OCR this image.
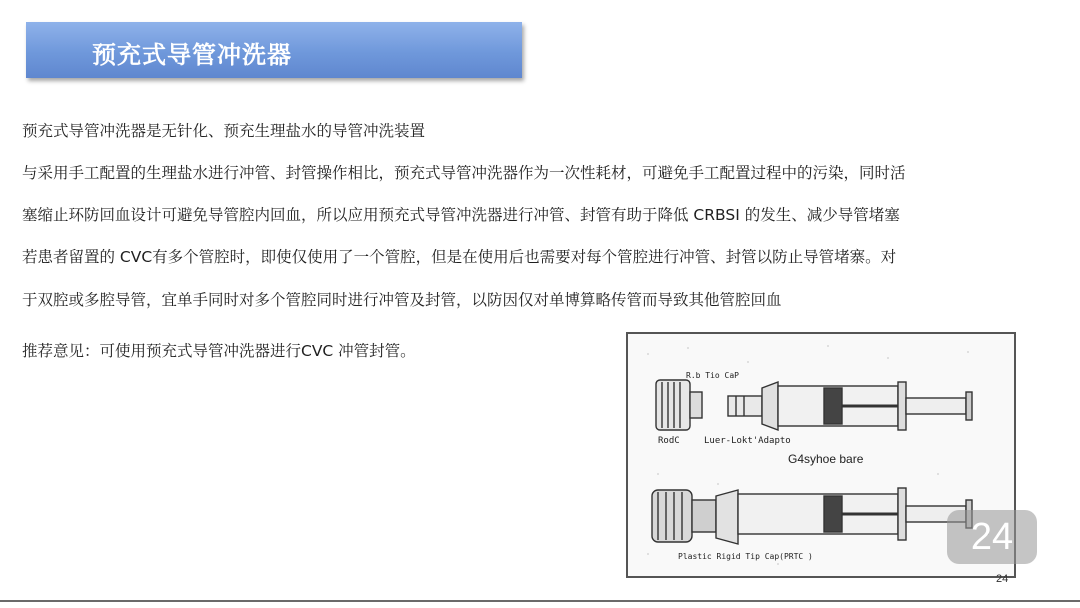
预充式导管冲洗器
预充式导管冲洗器是无针化、预充生理盐水的导管冲洗装置
与采用手工配置的生理盐水进行冲管、封管操作相比，预充式导管冲洗器作为一次性耗材，可避免手工配置过程中的污染，同时活
塞缩止环防回血设计可避免导管腔内回血，所以应用预充式导管冲洗器进行冲管、封管有助于降低 CRBSI 的发生、减少导管堵塞
若患者留置的 CVC有多个管腔时，即使仅使用了一个管腔，但是在使用后也需要对每个管腔进行冲管、封管以防止导管堵寨。对
于双腔或多腔导管，宜单手同时对多个管腔同时进行冲管及封管，以防因仅对单博算略传管而导致其他管腔回血
推荐意见：可使用预充式导管冲洗器进行CVC 冲管封管。
R.b Tio CaP
RodC	Luer-Lokt'Adapto
G4syhoe bare
Plastic Rigid Tip Cap(PRTC )	24
24
